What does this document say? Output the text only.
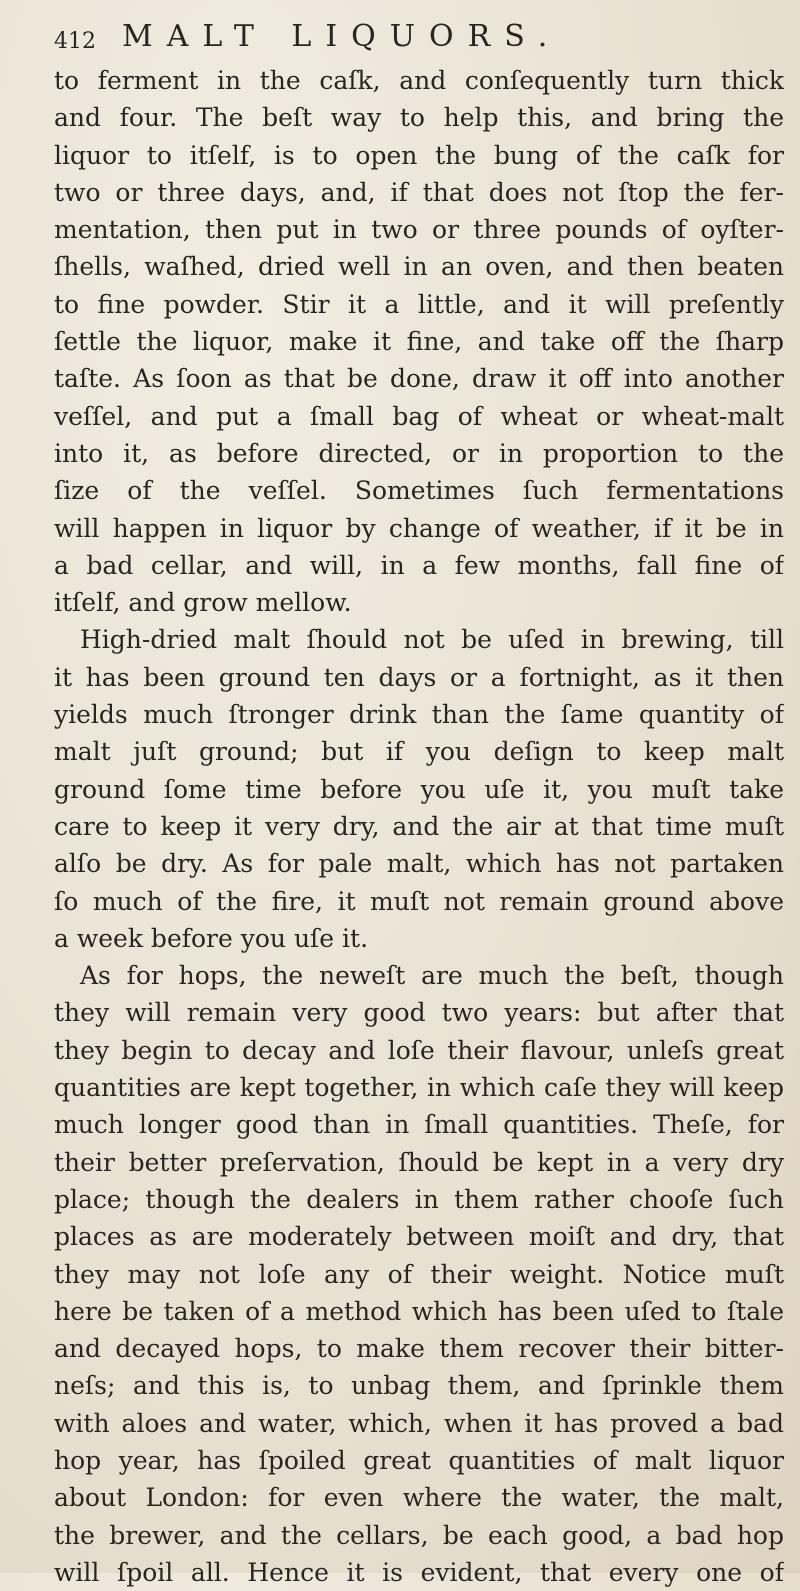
412 MALT LIQUORS.
to ferment in the caſk, and conſequently turn thick
and four. The beſt way to help this, and bring the
liquor to itſelf, is to open the bung of the caſk for
two or three days, and, if that does not ſtop the fer-
mentation, then put in two or three pounds of oyſter-
ſhells, waſhed, dried well in an oven, and then beaten
to fine powder. Stir it a little, and it will preſently
ſettle the liquor, make it fine, and take off the ſharp
taſte. As ſoon as that be done, draw it off into another
veſſel, and put a ſmall bag of wheat or wheat-malt
into it, as before directed, or in proportion to the
ſize of the veſſel. Sometimes ſuch fermentations
will happen in liquor by change of weather, if it be in
a bad cellar, and will, in a few months, fall fine of
itſelf, and grow mellow.
High-dried malt ſhould not be uſed in brewing, till
it has been ground ten days or a fortnight, as it then
yields much ſtronger drink than the ſame quantity of
malt juſt ground; but if you deſign to keep malt
ground ſome time before you uſe it, you muſt take
care to keep it very dry, and the air at that time muſt
alſo be dry. As for pale malt, which has not partaken
ſo much of the fire, it muſt not remain ground above
a week before you uſe it.
As for hops, the neweſt are much the beſt, though
they will remain very good two years: but after that
they begin to decay and loſe their flavour, unleſs great
quantities are kept together, in which caſe they will keep
much longer good than in ſmall quantities. Theſe, for
their better preſervation, ſhould be kept in a very dry
place; though the dealers in them rather chooſe ſuch
places as are moderately between moiſt and dry, that
they may not loſe any of their weight. Notice muſt
here be taken of a method which has been uſed to ſtale
and decayed hops, to make them recover their bitter-
neſs; and this is, to unbag them, and ſprinkle them
with aloes and water, which, when it has proved a bad
hop year, has ſpoiled great quantities of malt liquor
about London: for even where the water, the malt,
the brewer, and the cellars, be each good, a bad hop
will ſpoil all. Hence it is evident, that every one of
